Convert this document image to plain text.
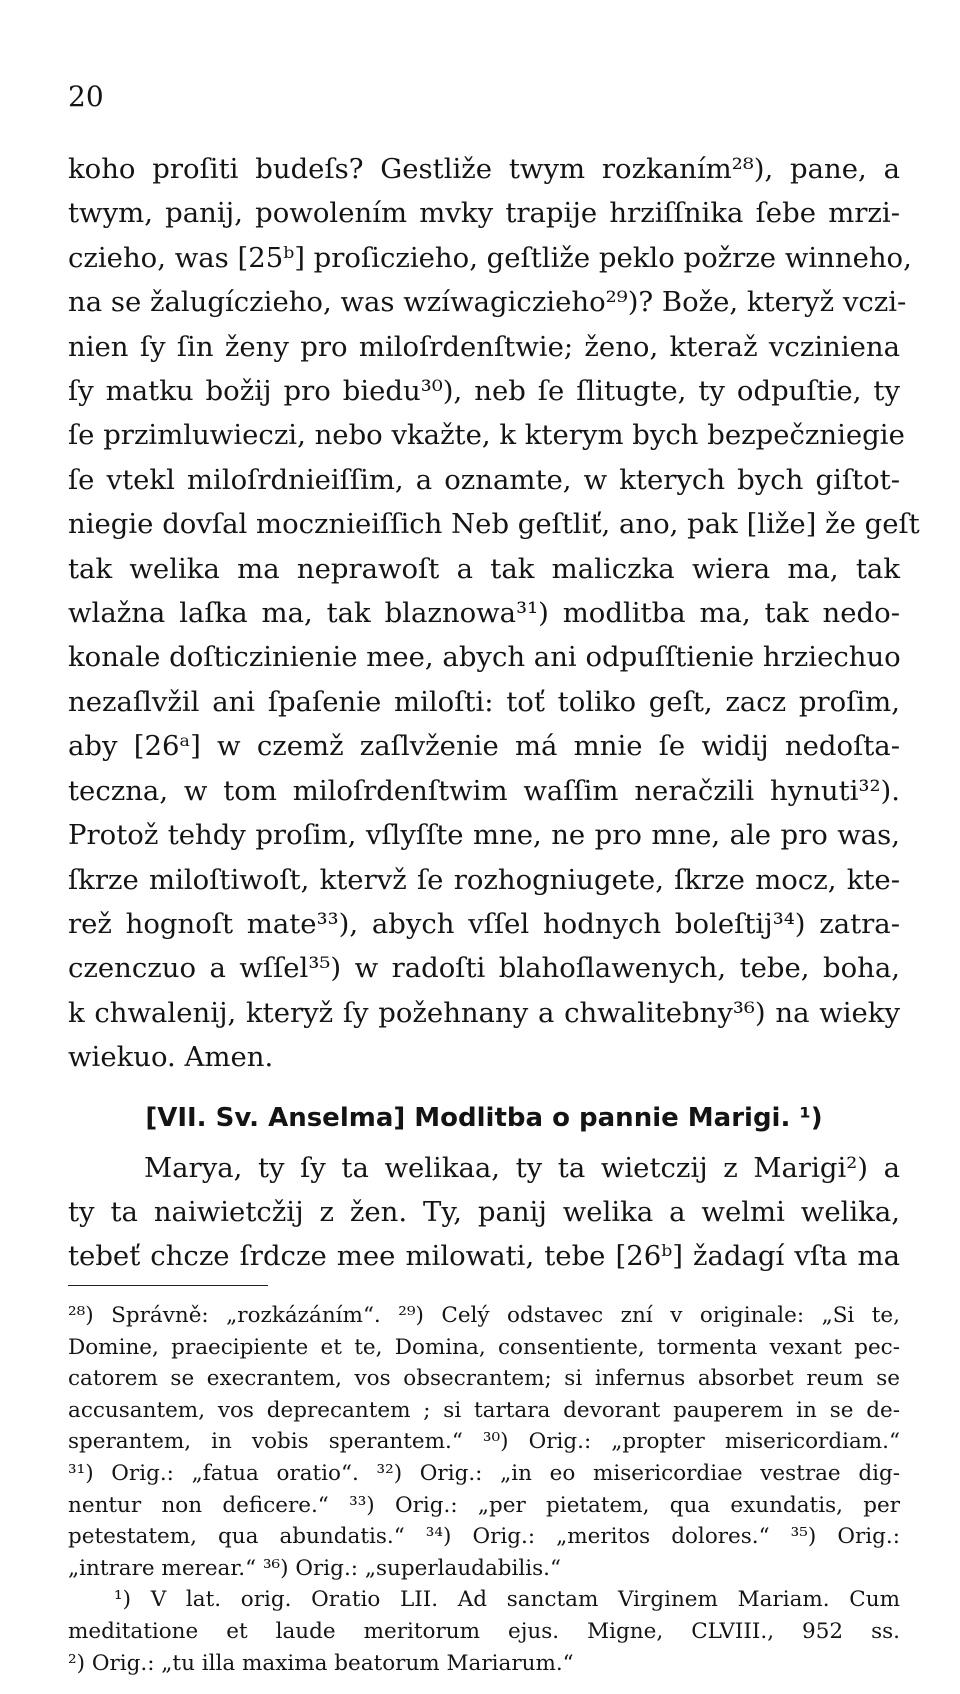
20
koho proſiti budeſs? Gestliže twym rozkaním²⁸), pane, a
twym, panij, powolením mvky trapije hrziſſnika ſebe mrzi-
czieho, was [25ᵇ] proſiczieho, geſtliže peklo požrze winneho,
na se žalugíczieho, was wzíwagiczieho²⁹)? Bože, kteryž vczi-
nien ſy ſin ženy pro miloſrdenſtwie; ženo, kteraž vcziniena
ſy matku božij pro biedu³⁰), neb ſe ſlitugte, ty odpuſtie, ty
ſe przimluwieczi, nebo vkažte, k kterym bych bezpečzniegie
ſe vtekl miloſrdnieiſſim, a oznamte, w kterych bych giſtot-
niegie dovſal mocznieiſſich Neb geſtliť, ano, pak [liže] že geſt
tak welika ma neprawoſt a tak maliczka wiera ma, tak
wlažna laſka ma, tak blaznowa³¹) modlitba ma, tak nedo-
konale doſticzinienie mee, abych ani odpuſſtienie hrziechuo
nezaſlvžil ani ſpaſenie miloſti: toť toliko geſt, zacz proſim,
aby [26ᵃ] w czemž zaſlvženie má mnie ſe widij nedoſta-
teczna, w tom miloſrdenſtwim waſſim neračzili hynuti³²).
Protož tehdy proſim, vſlyſſte mne, ne pro mne, ale pro was,
ſkrze miloſtiwoſt, ktervž ſe rozhogniugete, ſkrze mocz, kte-
rež hognoſt mate³³), abych vſſel hodnych boleſtij³⁴) zatra-
czenczuo a wſſel³⁵) w radoſti blahoſlawenych, tebe, boha,
k chwalenij, kteryž ſy požehnany a chwalitebny³⁶) na wieky
wiekuo. Amen.
[VII. Sv. Anselma] Modlitba o pannie Marigi. ¹)
Marya, ty ſy ta welikaa, ty ta wietczij z Marigi²) a
ty ta naiwietcžij z žen. Ty, panij welika a welmi welika,
tebeť chcze ſrdcze mee milowati, tebe [26ᵇ] žadagí vſta ma
²⁸) Správně: „rozkázáním“. ²⁹) Celý odstavec zní v originale: „Si te,
Domine, praecipiente et te, Domina, consentiente, tormenta vexant pec-
catorem se execrantem, vos obsecrantem; si infernus absorbet reum se
accusantem, vos deprecantem ; si tartara devorant pauperem in se de-
sperantem, in vobis sperantem.“ ³⁰) Orig.: „propter misericordiam.“
³¹) Orig.: „fatua oratio“. ³²) Orig.: „in eo misericordiae vestrae dig-
nentur non deficere.“ ³³) Orig.: „per pietatem, qua exundatis, per
petestatem, qua abundatis.“ ³⁴) Orig.: „meritos dolores.“ ³⁵) Orig.:
„intrare merear.“ ³⁶) Orig.: „superlaudabilis.“
¹) V lat. orig. Oratio LII. Ad sanctam Virginem Mariam. Cum
meditatione et laude meritorum ejus. Migne, CLVIII., 952 ss.
²) Orig.: „tu illa maxima beatorum Mariarum.“
